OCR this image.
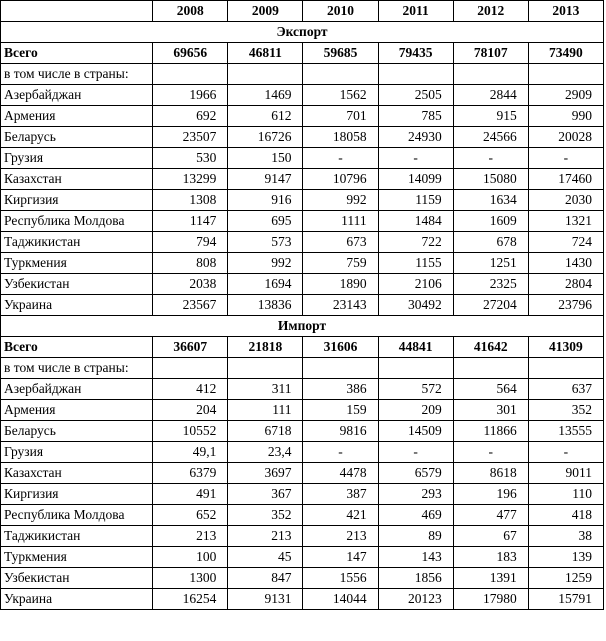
	2008	2009	2010	2011	2012	2013
Экспорт						
Всего	69656	46811	59685	79435	78107	73490
в том числе в страны:						
Азербайджан	1966	1469	1562	2505	2844	2909
Армения	692	612	701	785	915	990
Беларусь	23507	16726	18058	24930	24566	20028
Грузия	530	150	-	-	-	-
Казахстан	13299	9147	10796	14099	15080	17460
Киргизия	1308	916	992	1159	1634	2030
Республика Молдова	1147	695	1111	1484	1609	1321
Таджикистан	794	573	673	722	678	724
Туркмения	808	992	759	1155	1251	1430
Узбекистан	2038	1694	1890	2106	2325	2804
Украина	23567	13836	23143	30492	27204	23796
Импорт						
Всего	36607	21818	31606	44841	41642	41309
в том числе в страны:						
Азербайджан	412	311	386	572	564	637
Армения	204	111	159	209	301	352
Беларусь	10552	6718	9816	14509	11866	13555
Грузия	49,1	23,4	-	-	-	-
Казахстан	6379	3697	4478	6579	8618	9011
Киргизия	491	367	387	293	196	110
Республика Молдова	652	352	421	469	477	418
Таджикистан	213	213	213	89	67	38
Туркмения	100	45	147	143	183	139
Узбекистан	1300	847	1556	1856	1391	1259
Украина	16254	9131	14044	20123	17980	15791
